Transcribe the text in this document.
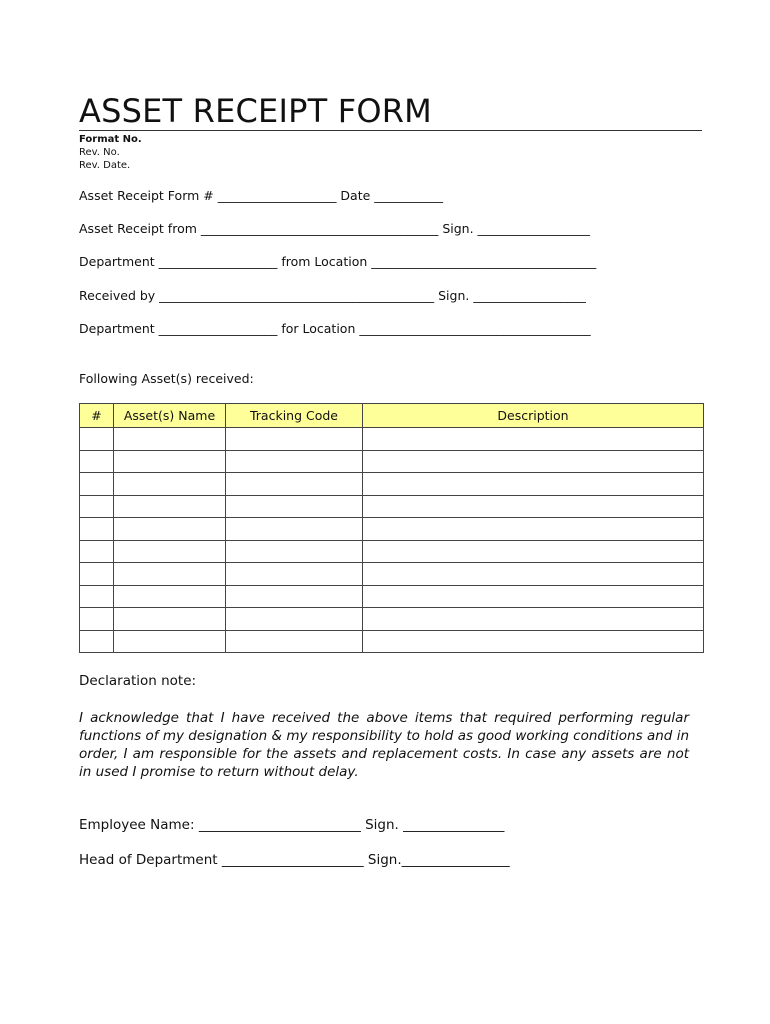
ASSET RECEIPT FORM
Format No.
Rev. No.
Rev. Date.
Asset Receipt Form # ___________________ Date ___________
Asset Receipt from ______________________________________ Sign. __________________
Department ___________________ from Location ____________________________________
Received by ____________________________________________ Sign. __________________
Department ___________________ for Location _____________________________________
Following Asset(s) received:
#	Asset(s) Name	Tracking Code	Description

Declaration note:
I acknowledge that I have received the above items that required performing regular functions of my designation & my responsibility to hold as good working conditions and in order, I am responsible for the assets and replacement costs. In case any assets are not in used I promise to return without delay.
Employee Name: ________________________ Sign. _______________
Head of Department _____________________ Sign.________________
